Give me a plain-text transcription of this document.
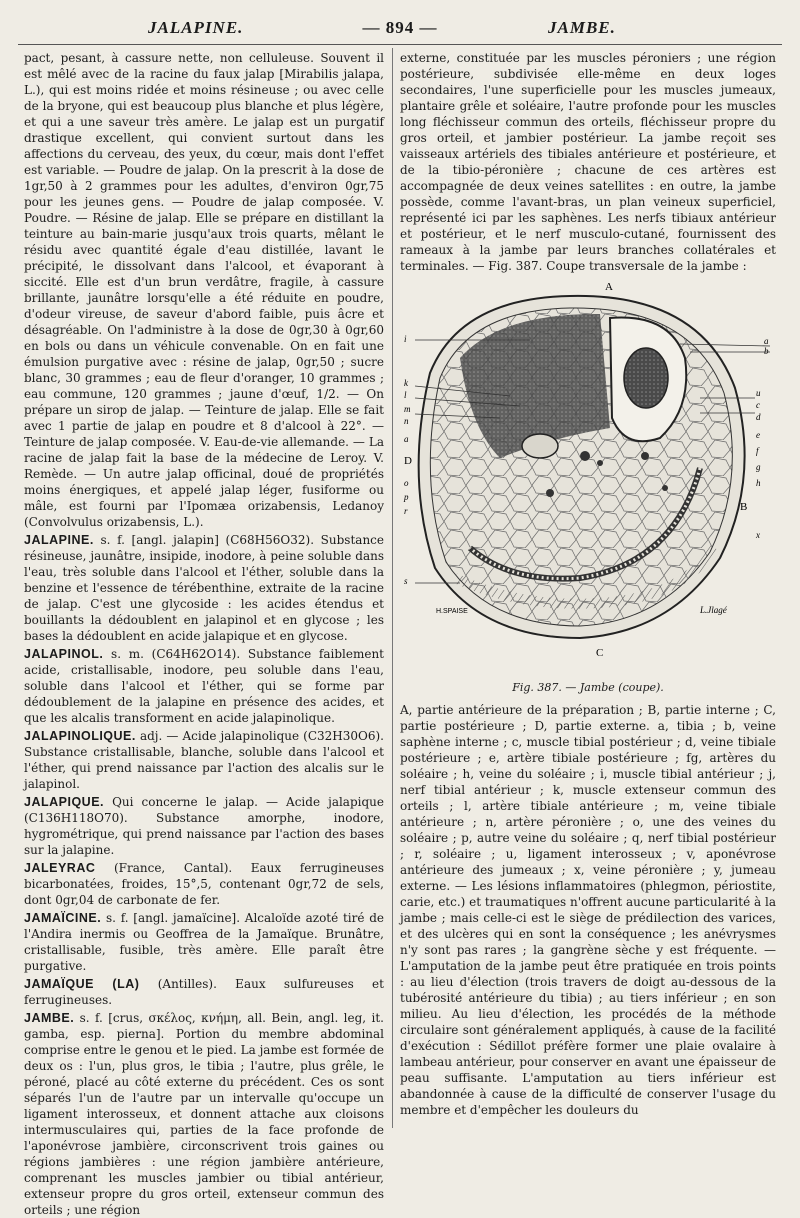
JALAPINE.	— 894 —	JAMBE.

pact, pesant, à cassure nette, non celluleuse. Souvent il est mêlé avec de la racine du faux jalap [Mirabilis jalapa, L.), qui est moins ridée et moins résineuse ; ou avec celle de la bryone, qui est beaucoup plus blanche et plus légère, et qui a une saveur très amère. Le jalap est un purgatif drastique excellent, qui convient surtout dans les affections du cerveau, des yeux, du cœur, mais dont l'effet est variable. — Poudre de jalap. On la prescrit à la dose de 1gr,50 à 2 grammes pour les adultes, d'environ 0gr,75 pour les jeunes gens. — Poudre de jalap composée. V. Poudre. — Résine de jalap. Elle se prépare en distillant la teinture au bain-marie jusqu'aux trois quarts, mêlant le résidu avec quantité égale d'eau distillée, lavant le précipité, le dissolvant dans l'alcool, et évaporant à siccité. Elle est d'un brun verdâtre, fragile, à cassure brillante, jaunâtre lorsqu'elle a été réduite en poudre, d'odeur vireuse, de saveur d'abord faible, puis âcre et désagréable. On l'administre à la dose de 0gr,30 à 0gr,60 en bols ou dans un véhicule convenable. On en fait une émulsion purgative avec : résine de jalap, 0gr,50 ; sucre blanc, 30 grammes ; eau de fleur d'oranger, 10 grammes ; eau commune, 120 grammes ; jaune d'œuf, 1/2. — On prépare un sirop de jalap. — Teinture de jalap. Elle se fait avec 1 partie de jalap en poudre et 8 d'alcool à 22°. — Teinture de jalap composée. V. Eau-de-vie allemande. — La racine de jalap fait la base de la médecine de Leroy. V. Remède. — Un autre jalap officinal, doué de propriétés moins énergiques, et appelé jalap léger, fusiforme ou mâle, est fourni par l'Ipomæa orizabensis, Ledanoy (Convolvulus orizabensis, L.).

JALAPINE. s. f. [angl. jalapin] (C68H56O32). Substance résineuse, jaunâtre, insipide, inodore, à peine soluble dans l'eau, très soluble dans l'alcool et l'éther, soluble dans la benzine et l'essence de térébenthine, extraite de la racine de jalap. C'est une glycoside : les acides étendus et bouillants la dédoublent en jalapinol et en glycose ; les bases la dédoublent en acide jalapique et en glycose.

JALAPINOL. s. m. (C64H62O14). Substance faiblement acide, cristallisable, inodore, peu soluble dans l'eau, soluble dans l'alcool et l'éther, qui se forme par dédoublement de la jalapine en présence des acides, et que les alcalis transforment en acide jalapinolique.

JALAPINOLIQUE. adj. — Acide jalapinolique (C32H30O6). Substance cristallisable, blanche, soluble dans l'alcool et l'éther, qui prend naissance par l'action des alcalis sur le jalapinol.

JALAPIQUE. Qui concerne le jalap. — Acide jalapique (C136H118O70). Substance amorphe, inodore, hygrométrique, qui prend naissance par l'action des bases sur la jalapine.

JALEYRAC (France, Cantal). Eaux ferrugineuses bicarbonatées, froides, 15°,5, contenant 0gr,72 de sels, dont 0gr,04 de carbonate de fer.

JAMAÏCINE. s. f. [angl. jamaïcine]. Alcaloïde azoté tiré de l'Andira inermis ou Geoffrea de la Jamaïque. Brunâtre, cristallisable, fusible, très amère. Elle paraît être purgative.

JAMAÏQUE (LA) (Antilles). Eaux sulfureuses et ferrugineuses.

JAMBE. s. f. [crus, σκέλος, κνήμη, all. Bein, angl. leg, it. gamba, esp. pierna]. Portion du membre abdominal comprise entre le genou et le pied. La jambe est formée de deux os : l'un, plus gros, le tibia ; l'autre, plus grêle, le péroné, placé au côté externe du précédent. Ces os sont séparés l'un de l'autre par un intervalle qu'occupe un ligament interosseux, et donnent attache aux cloisons intermusculaires qui, parties de la face profonde de l'aponévrose jambière, circonscrivent trois gaines ou régions jambières : une région jambière antérieure, comprenant les muscles jambier ou tibial antérieur, extenseur propre du gros orteil, extenseur commun des orteils ; une région

externe, constituée par les muscles péroniers ; une région postérieure, subdivisée elle-même en deux loges secondaires, l'une superficielle pour les muscles jumeaux, plantaire grêle et soléaire, l'autre profonde pour les muscles long fléchisseur commun des orteils, fléchisseur propre du gros orteil, et jambier postérieur. La jambe reçoit ses vaisseaux artériels des tibiales antérieure et postérieure, et de la tibio-péronière ; chacune de ces artères est accompagnée de deux veines satellites : en outre, la jambe possède, comme l'avant-bras, un plan veineux superficiel, représenté ici par les saphènes. Les nerfs tibiaux antérieur et postérieur, et le nerf musculo-cutané, fournissent des rameaux à la jambe par leurs branches collatérales et terminales. — Fig. 387. Coupe transversale de la jambe :

A
i
k
l
m
n
a
o
p
r
s
D
a
b
u
c
d
e
f
g
h
x
B
H.SPAISE	L.Jlagé
C
Fig. 387. — Jambe (coupe).

A, partie antérieure de la préparation ; B, partie interne ; C, partie postérieure ; D, partie externe. a, tibia ; b, veine saphène interne ; c, muscle tibial postérieur ; d, veine tibiale postérieure ; e, artère tibiale postérieure ; fg, artères du soléaire ; h, veine du soléaire ; i, muscle tibial antérieur ; j, nerf tibial antérieur ; k, muscle extenseur commun des orteils ; l, artère tibiale antérieure ; m, veine tibiale antérieure ; n, artère péronière ; o, une des veines du soléaire ; p, autre veine du soléaire ; q, nerf tibial postérieur ; r, soléaire ; u, ligament interosseux ; v, aponévrose antérieure des jumeaux ; x, veine péronière ; y, jumeau externe. — Les lésions inflammatoires (phlegmon, périostite, carie, etc.) et traumatiques n'offrent aucune particularité à la jambe ; mais celle-ci est le siège de prédilection des varices, et des ulcères qui en sont la conséquence ; les anévrysmes n'y sont pas rares ; la gangrène sèche y est fréquente. — L'amputation de la jambe peut être pratiquée en trois points : au lieu d'élection (trois travers de doigt au-dessous de la tubérosité antérieure du tibia) ; au tiers inférieur ; en son milieu. Au lieu d'élection, les procédés de la méthode circulaire sont généralement appliqués, à cause de la facilité d'exécution : Sédillot préfère former une plaie ovalaire à lambeau antérieur, pour conserver en avant une épaisseur de peau suffisante. L'amputation au tiers inférieur est abandonnée à cause de la difficulté de conserver l'usage du membre et d'empêcher les douleurs du
